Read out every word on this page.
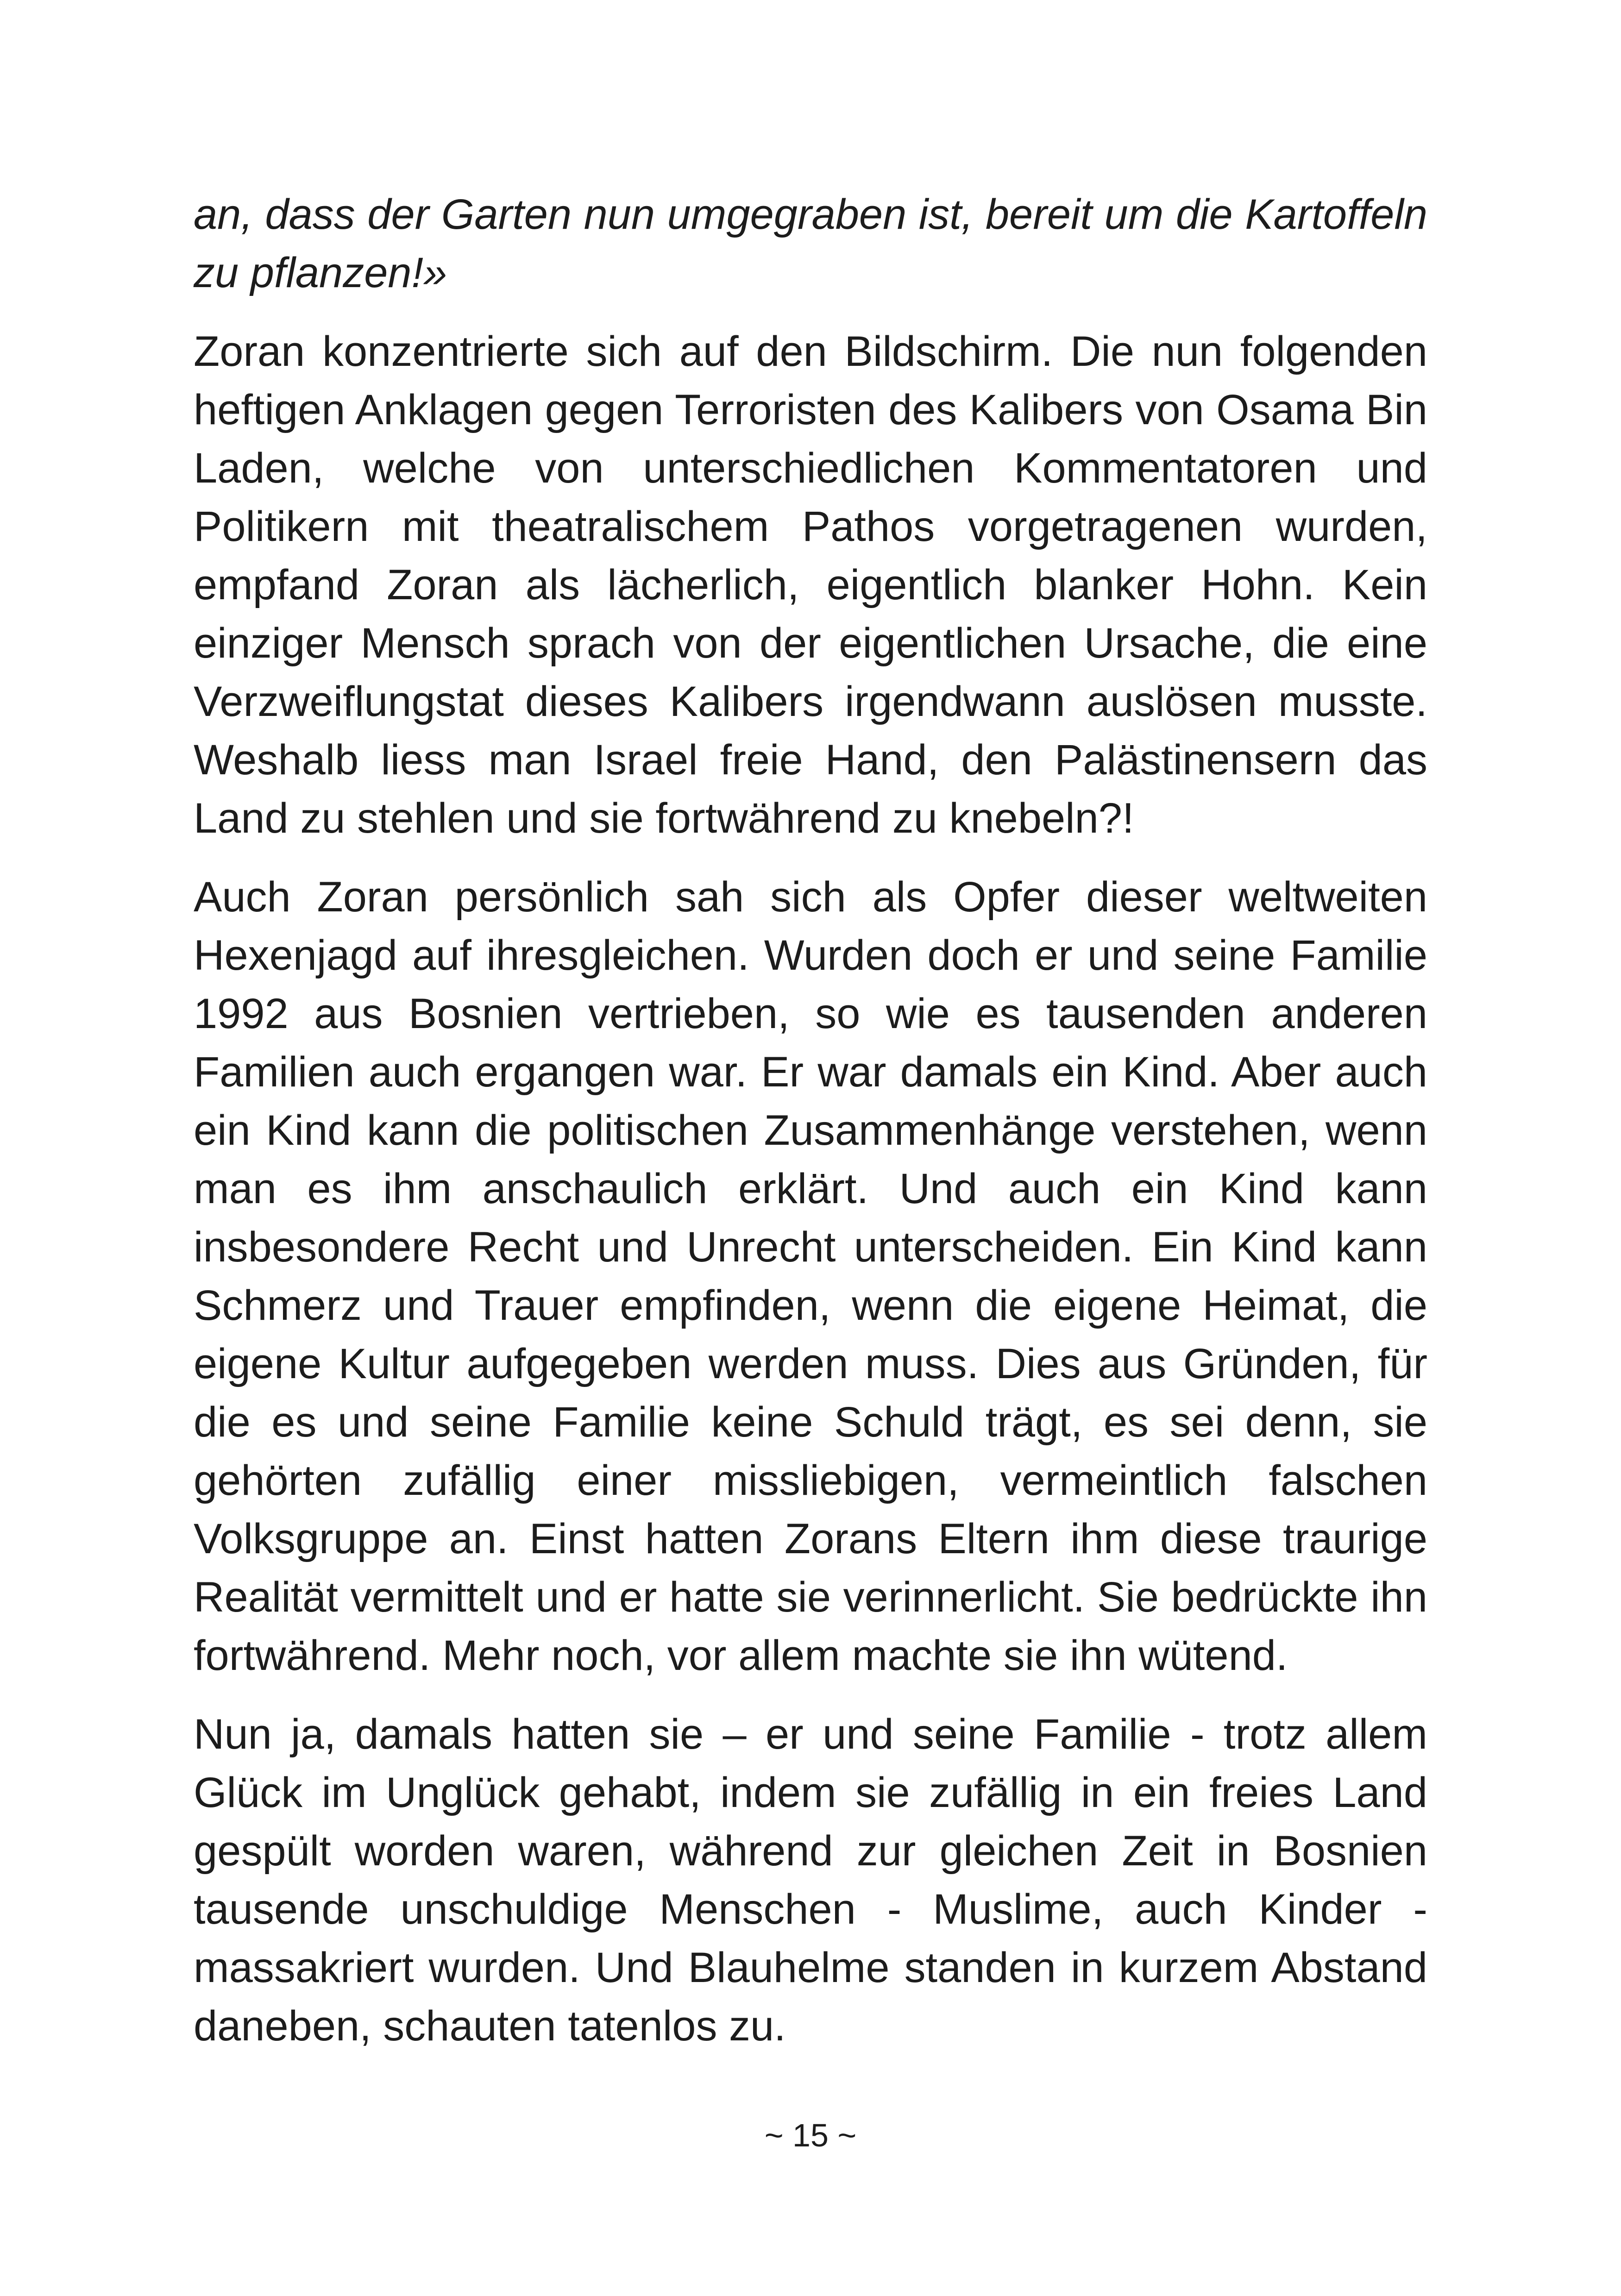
an, dass der Garten nun umgegraben ist, bereit um die Kartoffeln zu pflanzen!»

Zoran konzentrierte sich auf den Bildschirm. Die nun folgenden heftigen Anklagen gegen Terroristen des Kalibers von Osama Bin Laden, welche von unterschiedlichen Kommentatoren und Politikern mit theatralischem Pathos vorgetragenen wurden, empfand Zoran als lächerlich, eigentlich blanker Hohn. Kein einziger Mensch sprach von der eigentlichen Ursache, die eine Verzweiflungstat dieses Kalibers irgendwann auslösen musste. Weshalb liess man Israel freie Hand, den Palästinensern das Land zu stehlen und sie fortwährend zu knebeln?!

Auch Zoran persönlich sah sich als Opfer dieser weltweiten Hexenjagd auf ihresgleichen. Wurden doch er und seine Familie 1992 aus Bosnien vertrieben, so wie es tausenden anderen Familien auch ergangen war. Er war damals ein Kind. Aber auch ein Kind kann die politischen Zusammenhänge verstehen, wenn man es ihm anschaulich erklärt. Und auch ein Kind kann insbesondere Recht und Unrecht unterscheiden. Ein Kind kann Schmerz und Trauer empfinden, wenn die eigene Heimat, die eigene Kultur aufgegeben werden muss. Dies aus Gründen, für die es und seine Familie keine Schuld trägt, es sei denn, sie gehörten zufällig einer missliebigen, vermeintlich falschen Volksgruppe an. Einst hatten Zorans Eltern ihm diese traurige Realität vermittelt und er hatte sie verinnerlicht. Sie bedrückte ihn fortwährend. Mehr noch, vor allem machte sie ihn wütend.

Nun ja, damals hatten sie – er und seine Familie - trotz allem Glück im Unglück gehabt, indem sie zufällig in ein freies Land gespült worden waren, während zur gleichen Zeit in Bosnien tausende unschuldige Menschen - Muslime, auch Kinder - massakriert wurden. Und Blauhelme standen in kurzem Abstand daneben, schauten tatenlos zu.

~ 15 ~
